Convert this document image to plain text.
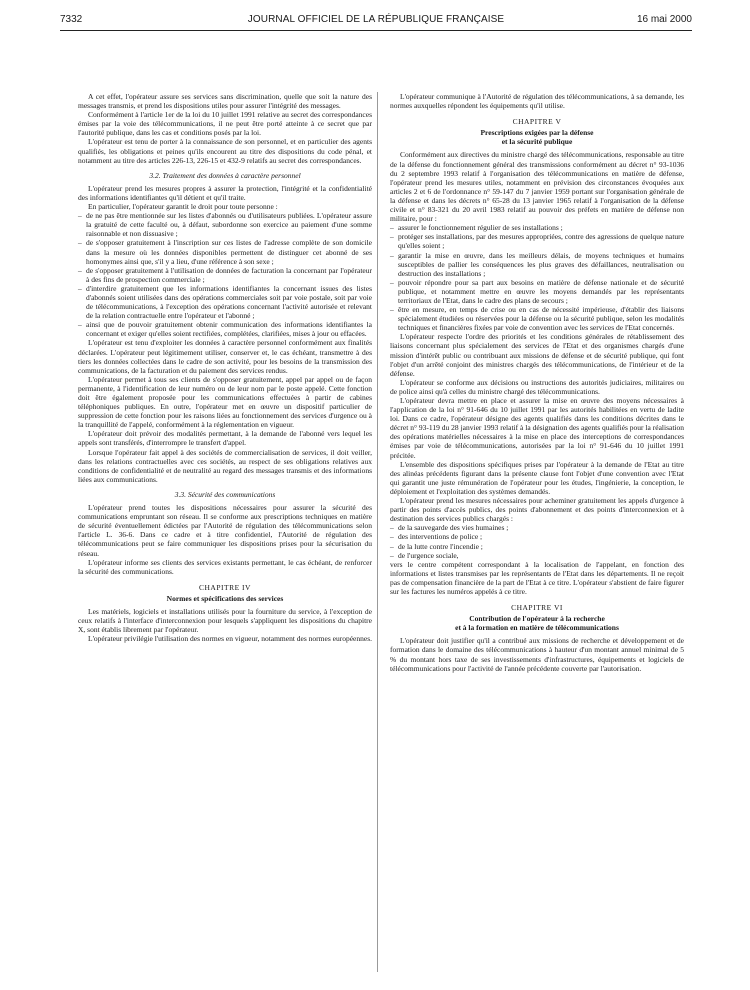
7332	JOURNAL OFFICIEL DE LA RÉPUBLIQUE FRANÇAISE	16 mai 2000

A cet effet, l'opérateur assure ses services sans discrimination, quelle que soit la nature des messages transmis, et prend les dispositions utiles pour assurer l'intégrité des messages.

Conformément à l'article 1er de la loi du 10 juillet 1991 relative au secret des correspondances émises par la voie des télécommunications, il ne peut être porté atteinte à ce secret que par l'autorité publique, dans les cas et conditions posés par la loi.

L'opérateur est tenu de porter à la connaissance de son personnel, et en particulier des agents qualifiés, les obligations et peines qu'ils encourent au titre des dispositions du code pénal, et notamment au titre des articles 226-13, 226-15 et 432-9 relatifs au secret des correspondances.

3.2. Traitement des données à caractère personnel

L'opérateur prend les mesures propres à assurer la protection, l'intégrité et la confidentialité des informations identifiantes qu'il détient et qu'il traite.

En particulier, l'opérateur garantit le droit pour toute personne :

– de ne pas être mentionnée sur les listes d'abonnés ou d'utilisateurs publiées. L'opérateur assure la gratuité de cette faculté ou, à défaut, subordonne son exercice au paiement d'une somme raisonnable et non dissuasive ;

– de s'opposer gratuitement à l'inscription sur ces listes de l'adresse complète de son domicile dans la mesure où les données disponibles permettent de distinguer cet abonné de ses homonymes ainsi que, s'il y a lieu, d'une référence à son sexe ;

– de s'opposer gratuitement à l'utilisation de données de facturation la concernant par l'opérateur à des fins de prospection commerciale ;

– d'interdire gratuitement que les informations identifiantes la concernant issues des listes d'abonnés soient utilisées dans des opérations commerciales soit par voie postale, soit par voie de télécommunications, à l'exception des opérations concernant l'activité autorisée et relevant de la relation contractuelle entre l'opérateur et l'abonné ;

– ainsi que de pouvoir gratuitement obtenir communication des informations identifiantes la concernant et exiger qu'elles soient rectifiées, complétées, clarifiées, mises à jour ou effacées.

L'opérateur est tenu d'exploiter les données à caractère personnel conformément aux finalités déclarées. L'opérateur peut légitimement utiliser, conserver et, le cas échéant, transmettre à des tiers les données collectées dans le cadre de son activité, pour les besoins de la transmission des communications, de la facturation et du paiement des services rendus.

L'opérateur permet à tous ses clients de s'opposer gratuitement, appel par appel ou de façon permanente, à l'identification de leur numéro ou de leur nom par le poste appelé. Cette fonction doit être également proposée pour les communications effectuées à partir de cabines téléphoniques publiques. En outre, l'opérateur met en œuvre un dispositif particulier de suppression de cette fonction pour les raisons liées au fonctionnement des services d'urgence ou à la tranquillité de l'appelé, conformément à la réglementation en vigueur.

L'opérateur doit prévoir des modalités permettant, à la demande de l'abonné vers lequel les appels sont transférés, d'interrompre le transfert d'appel.

Lorsque l'opérateur fait appel à des sociétés de commercialisation de services, il doit veiller, dans les relations contractuelles avec ces sociétés, au respect de ses obligations relatives aux conditions de confidentialité et de neutralité au regard des messages transmis et des informations liées aux communications.

3.3. Sécurité des communications

L'opérateur prend toutes les dispositions nécessaires pour assurer la sécurité des communications empruntant son réseau. Il se conforme aux prescriptions techniques en matière de sécurité éventuellement édictées par l'Autorité de régulation des télécommunications selon l'article L. 36-6. Dans ce cadre et à titre confidentiel, l'Autorité de régulation des télécommunications peut se faire communiquer les dispositions prises pour la sécurisation du réseau.

L'opérateur informe ses clients des services existants permettant, le cas échéant, de renforcer la sécurité des communications.

CHAPITRE IV
Normes et spécifications des services

Les matériels, logiciels et installations utilisés pour la fourniture du service, à l'exception de ceux relatifs à l'interface d'interconnexion pour lesquels s'appliquent les dispositions du chapitre X, sont établis librement par l'opérateur.

L'opérateur privilégie l'utilisation des normes en vigueur, notamment des normes européennes.

L'opérateur communique à l'Autorité de régulation des télécommunications, à sa demande, les normes auxquelles répondent les équipements qu'il utilise.

CHAPITRE V
Prescriptions exigées par la défense
et la sécurité publique

Conformément aux directives du ministre chargé des télécommunications, responsable au titre de la défense du fonctionnement général des transmissions conformément au décret n° 93-1036 du 2 septembre 1993 relatif à l'organisation des télécommunications en matière de défense, l'opérateur prend les mesures utiles, notamment en prévision des circonstances évoquées aux articles 2 et 6 de l'ordonnance n° 59-147 du 7 janvier 1959 portant sur l'organisation générale de la défense et dans les décrets n° 65-28 du 13 janvier 1965 relatif à l'organisation de la défense civile et n° 83-321 du 20 avril 1983 relatif au pouvoir des préfets en matière de défense non militaire, pour :

– assurer le fonctionnement régulier de ses installations ;

– protéger ses installations, par des mesures appropriées, contre des agressions de quelque nature qu'elles soient ;

– garantir la mise en œuvre, dans les meilleurs délais, de moyens techniques et humains susceptibles de pallier les conséquences les plus graves des défaillances, neutralisation ou destruction des installations ;

– pouvoir répondre pour sa part aux besoins en matière de défense nationale et de sécurité publique, et notamment mettre en œuvre les moyens demandés par les représentants territoriaux de l'Etat, dans le cadre des plans de secours ;

– être en mesure, en temps de crise ou en cas de nécessité impérieuse, d'établir des liaisons spécialement étudiées ou réservées pour la défense ou la sécurité publique, selon les modalités techniques et financières fixées par voie de convention avec les services de l'Etat concernés.

L'opérateur respecte l'ordre des priorités et les conditions générales de rétablissement des liaisons concernant plus spécialement des services de l'Etat et des organismes chargés d'une mission d'intérêt public ou contribuant aux missions de défense et de sécurité publique, qui font l'objet d'un arrêté conjoint des ministres chargés des télécommunications, de l'intérieur et de la défense.

L'opérateur se conforme aux décisions ou instructions des autorités judiciaires, militaires ou de police ainsi qu'à celles du ministre chargé des télécommunications.

L'opérateur devra mettre en place et assurer la mise en œuvre des moyens nécessaires à l'application de la loi n° 91-646 du 10 juillet 1991 par les autorités habilitées en vertu de ladite loi. Dans ce cadre, l'opérateur désigne des agents qualifiés dans les conditions décrites dans le décret n° 93-119 du 28 janvier 1993 relatif à la désignation des agents qualifiés pour la réalisation des opérations matérielles nécessaires à la mise en place des interceptions de correspondances émises par voie de télécommunications, autorisées par la loi n° 91-646 du 10 juillet 1991 précitée.

L'ensemble des dispositions spécifiques prises par l'opérateur à la demande de l'Etat au titre des alinéas précédents figurant dans la présente clause font l'objet d'une convention avec l'Etat qui garantit une juste rémunération de l'opérateur pour les études, l'ingénierie, la conception, le déploiement et l'exploitation des systèmes demandés.

L'opérateur prend les mesures nécessaires pour acheminer gratuitement les appels d'urgence à partir des points d'accès publics, des points d'abonnement et des points d'interconnexion et à destination des services publics chargés :

– de la sauvegarde des vies humaines ;

– des interventions de police ;

– de la lutte contre l'incendie ;

– de l'urgence sociale,

vers le centre compétent correspondant à la localisation de l'appelant, en fonction des informations et listes transmises par les représentants de l'Etat dans les départements. Il ne reçoit pas de compensation financière de la part de l'Etat à ce titre. L'opérateur s'abstient de faire figurer sur les factures les numéros appelés à ce titre.

CHAPITRE VI
Contribution de l'opérateur à la recherche
et à la formation en matière de télécommunications

L'opérateur doit justifier qu'il a contribué aux missions de recherche et développement et de formation dans le domaine des télécommunications à hauteur d'un montant annuel minimal de 5 % du montant hors taxe de ses investissements d'infrastructures, équipements et logiciels de télécommunications pour l'activité de l'année précédente couverte par l'autorisation.
